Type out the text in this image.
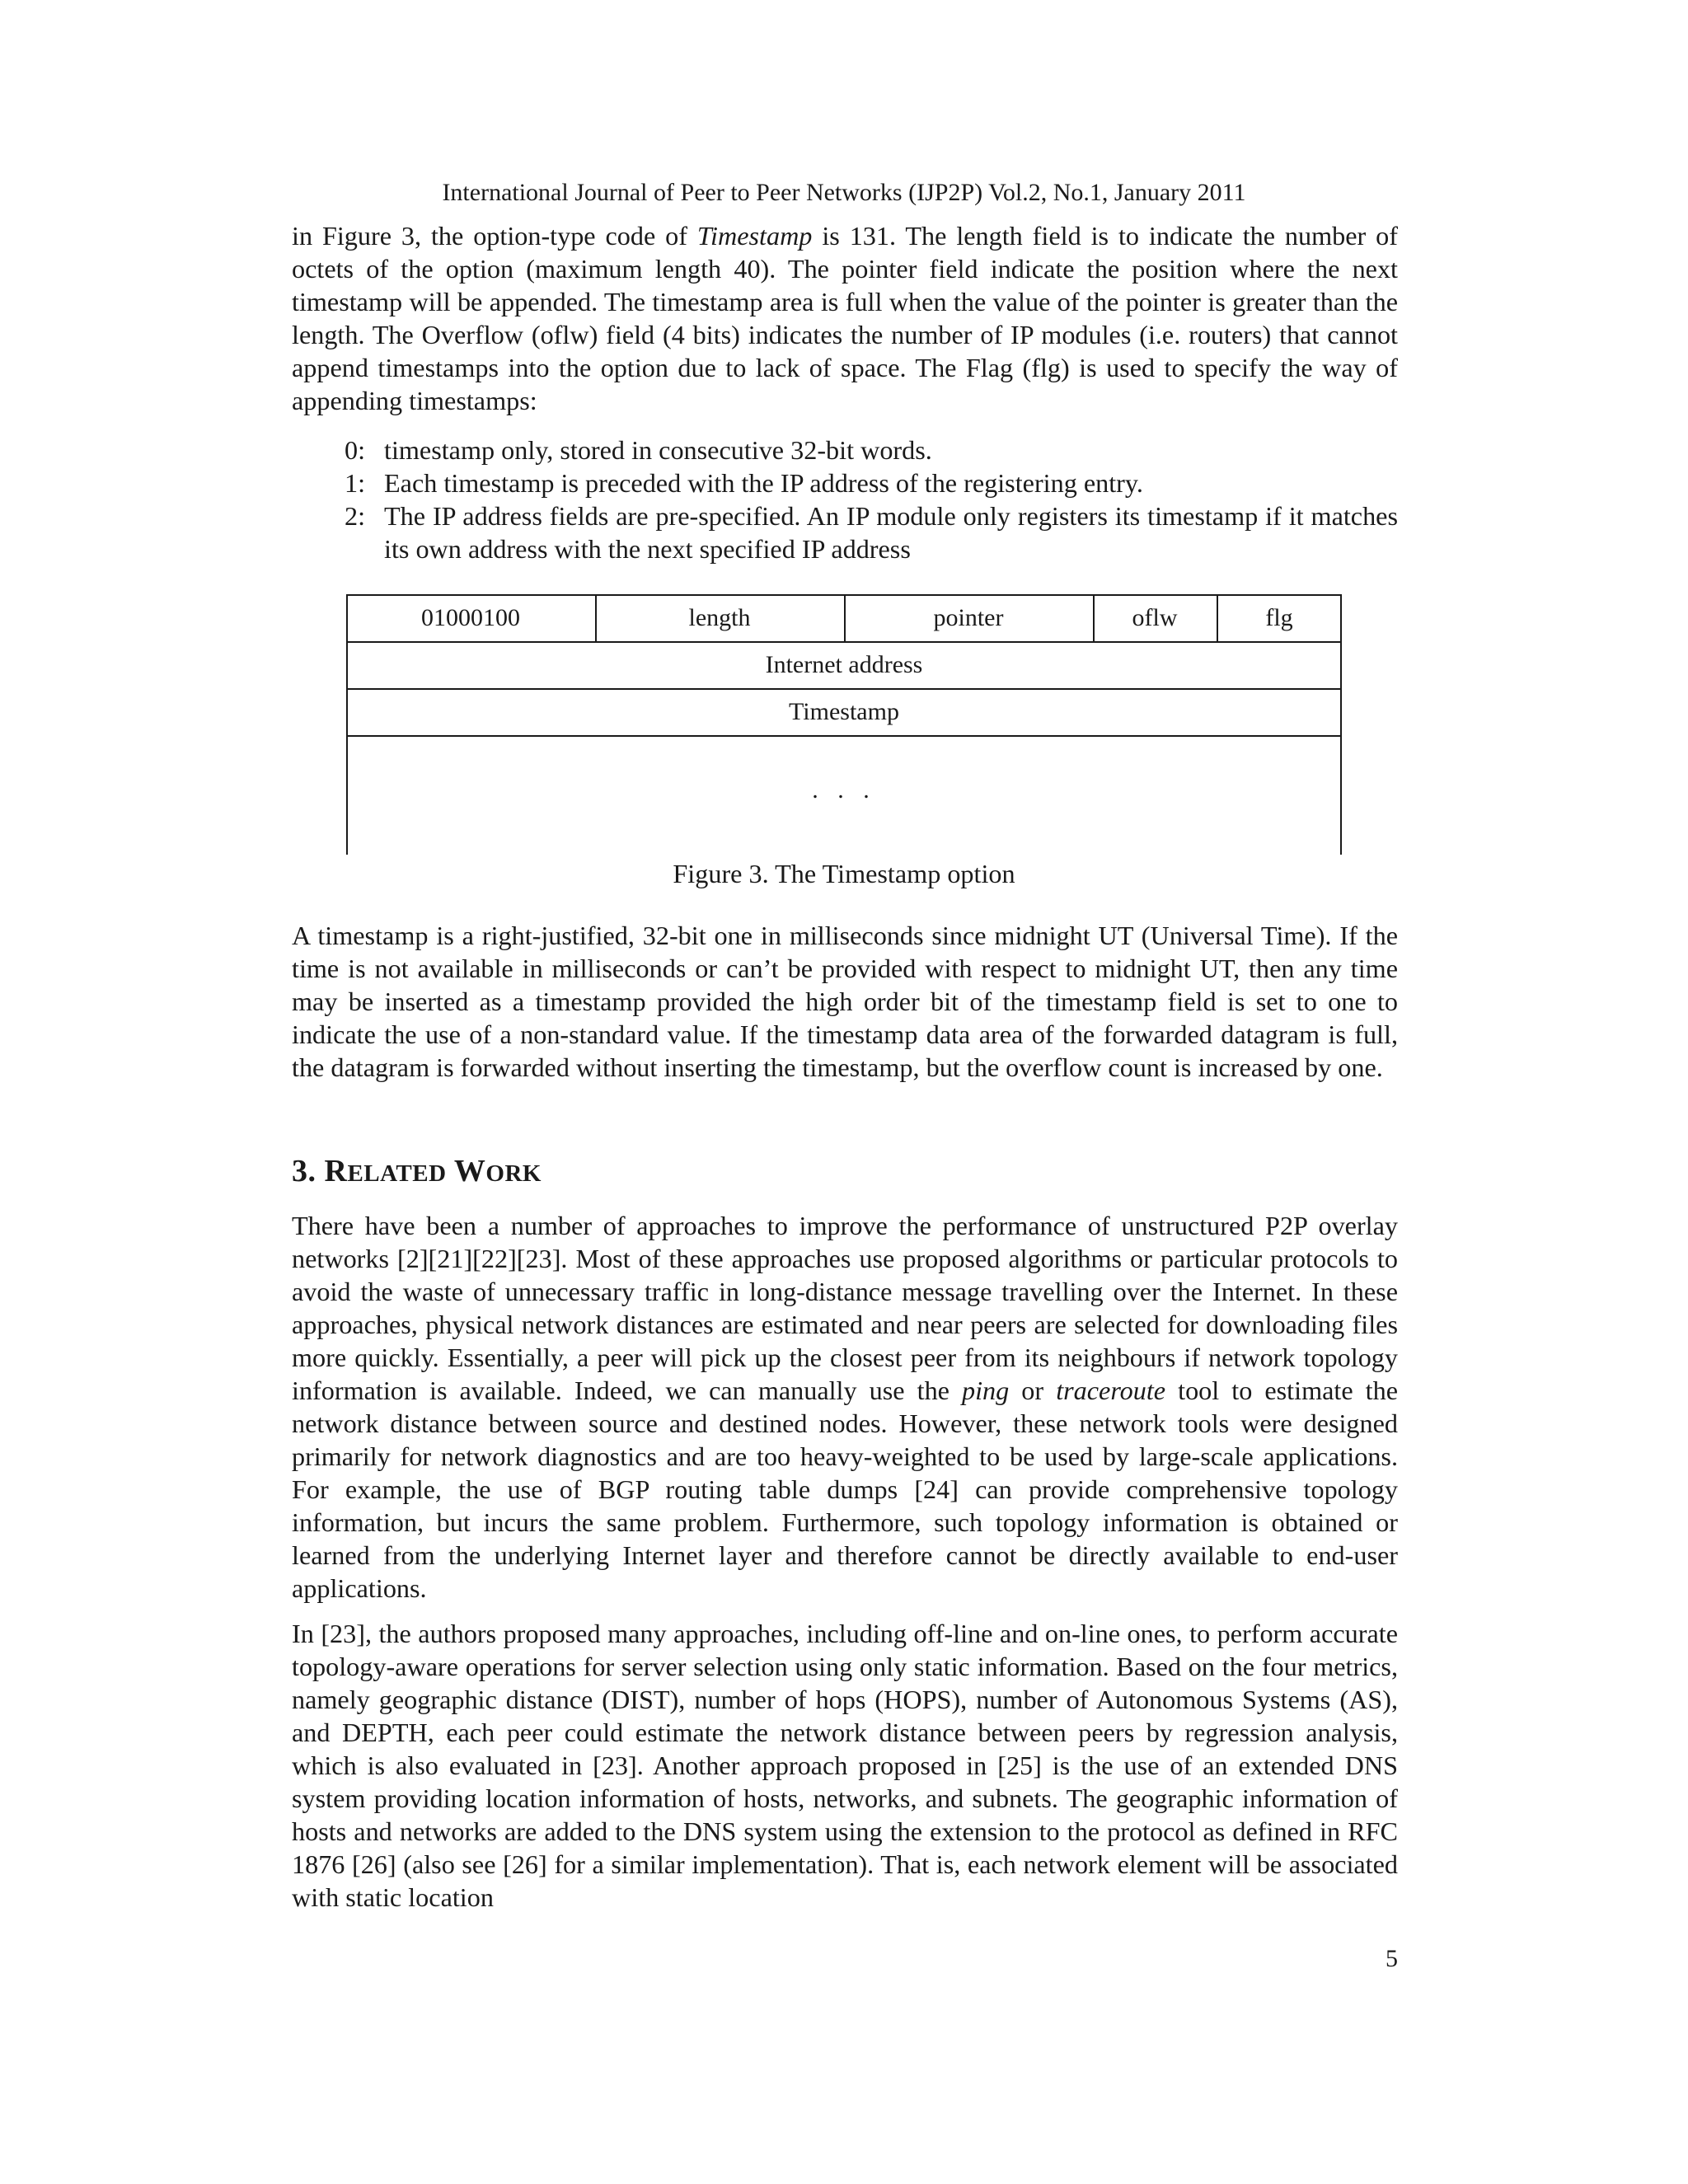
International Journal of Peer to Peer Networks (IJP2P) Vol.2, No.1, January 2011

in Figure 3, the option-type code of Timestamp is 131. The length field is to indicate the number of octets of the option (maximum length 40). The pointer field indicate the position where the next timestamp will be appended. The timestamp area is full when the value of the pointer is greater than the length. The Overflow (oflw) field (4 bits) indicates the number of IP modules (i.e. routers) that cannot append timestamps into the option due to lack of space. The Flag (flg) is used to specify the way of appending timestamps:

0: timestamp only, stored in consecutive 32-bit words.
1: Each timestamp is preceded with the IP address of the registering entry.
2: The IP address fields are pre-specified. An IP module only registers its timestamp if it matches its own address with the next specified IP address
01000100	length	pointer	oflw	flg
Internet address
Timestamp
. . .
Figure 3. The Timestamp option

A timestamp is a right-justified, 32-bit one in milliseconds since midnight UT (Universal Time). If the time is not available in milliseconds or can’t be provided with respect to midnight UT, then any time may be inserted as a timestamp provided the high order bit of the timestamp field is set to one to indicate the use of a non-standard value. If the timestamp data area of the forwarded datagram is full, the datagram is forwarded without inserting the timestamp, but the overflow count is increased by one.

3. RELATED WORK

There have been a number of approaches to improve the performance of unstructured P2P overlay networks [2][21][22][23]. Most of these approaches use proposed algorithms or particular protocols to avoid the waste of unnecessary traffic in long-distance message travelling over the Internet. In these approaches, physical network distances are estimated and near peers are selected for downloading files more quickly. Essentially, a peer will pick up the closest peer from its neighbours if network topology information is available. Indeed, we can manually use the ping or traceroute tool to estimate the network distance between source and destined nodes. However, these network tools were designed primarily for network diagnostics and are too heavy-weighted to be used by large-scale applications. For example, the use of BGP routing table dumps [24] can provide comprehensive topology information, but incurs the same problem. Furthermore, such topology information is obtained or learned from the underlying Internet layer and therefore cannot be directly available to end-user applications.

In [23], the authors proposed many approaches, including off-line and on-line ones, to perform accurate topology-aware operations for server selection using only static information. Based on the four metrics, namely geographic distance (DIST), number of hops (HOPS), number of Autonomous Systems (AS), and DEPTH, each peer could estimate the network distance between peers by regression analysis, which is also evaluated in [23]. Another approach proposed in [25] is the use of an extended DNS system providing location information of hosts, networks, and subnets. The geographic information of hosts and networks are added to the DNS system using the extension to the protocol as defined in RFC 1876 [26] (also see [26] for a similar implementation). That is, each network element will be associated with static location

5
